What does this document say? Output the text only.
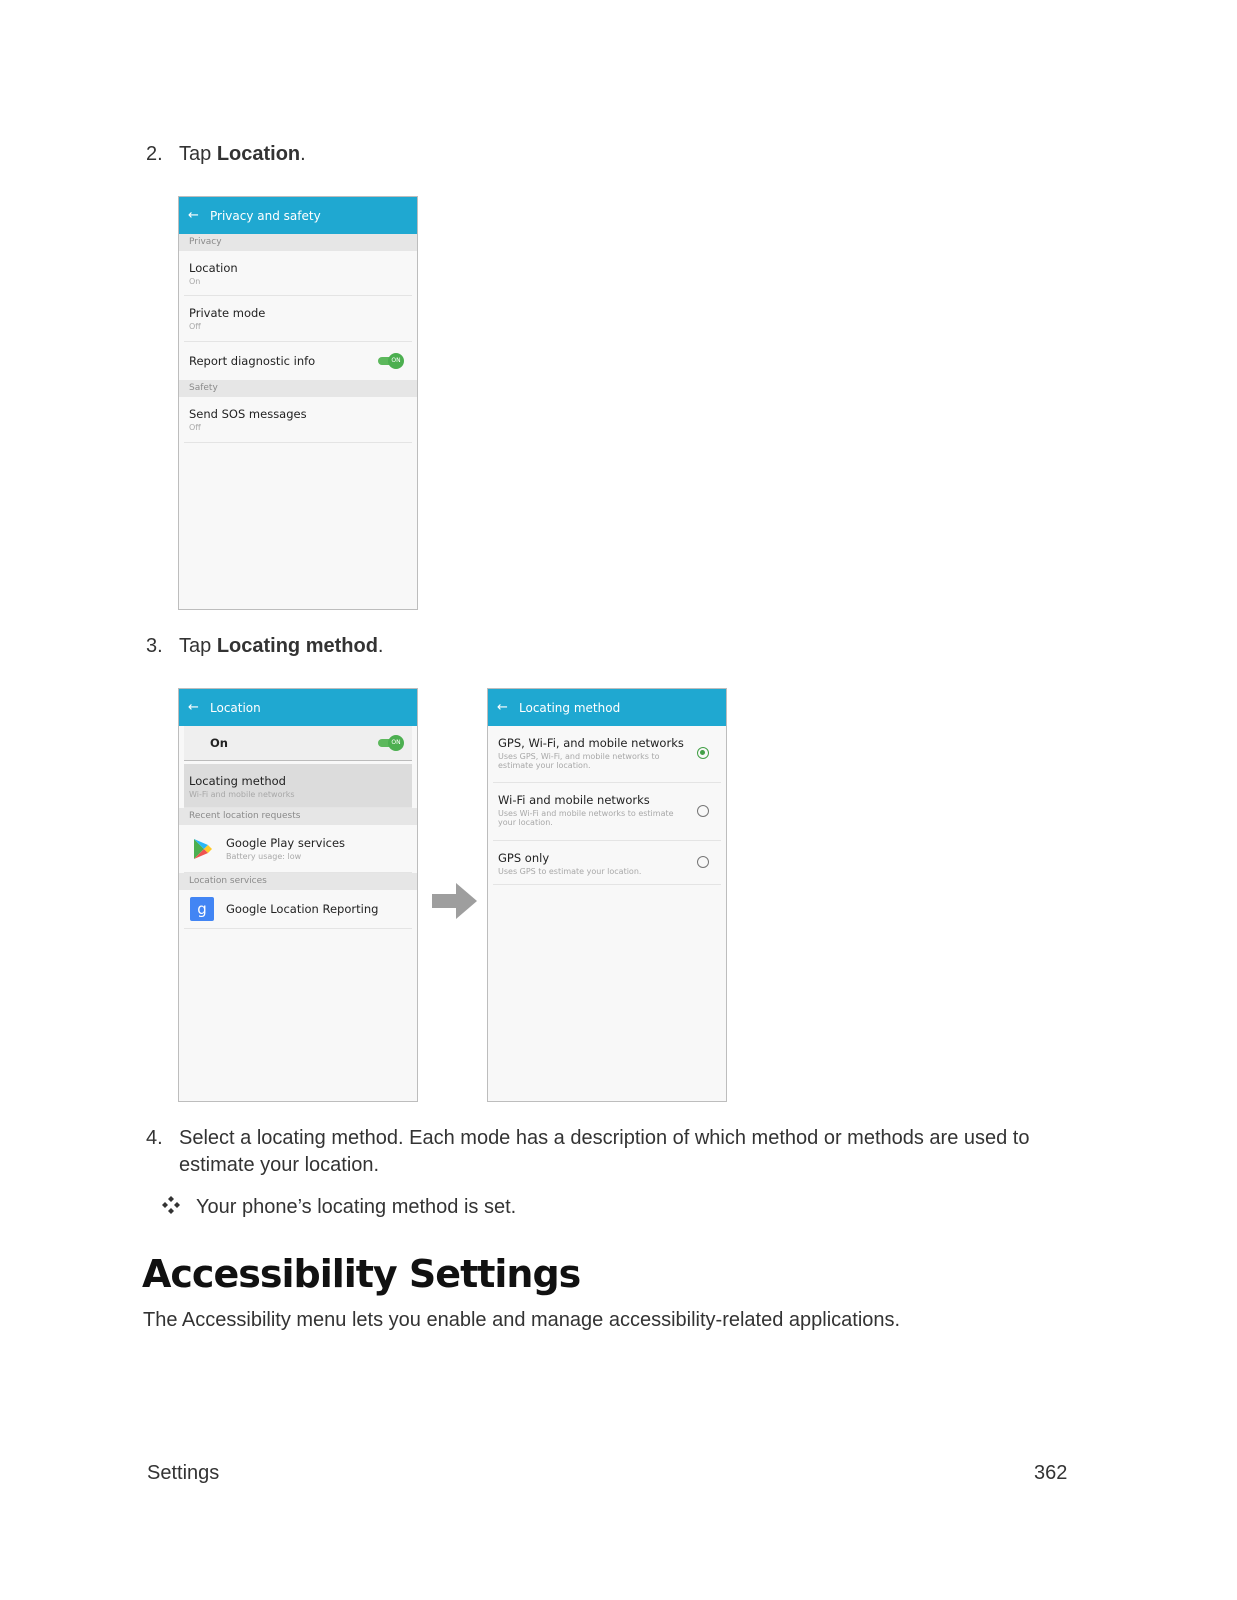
2. Tap Location.
← Privacy and safety
Privacy
Location
On
Private mode
Off
Report diagnostic info	ON
Safety
Send SOS messages
Off
3. Tap Locating method.
← Location
On	ON
Locating method
Wi-Fi and mobile networks
Recent location requests
Google Play services
Battery usage: low
Location services
g	Google Location Reporting
← Locating method
GPS, Wi-Fi, and mobile networks
Uses GPS, Wi-Fi, and mobile networks to estimate your location.
Wi-Fi and mobile networks
Uses Wi-Fi and mobile networks to estimate your location.
GPS only
Uses GPS to estimate your location.
4. Select a locating method. Each mode has a description of which method or methods are used to estimate your location.
Your phone’s locating method is set.
Accessibility Settings
The Accessibility menu lets you enable and manage accessibility-related applications.
Settings	362
